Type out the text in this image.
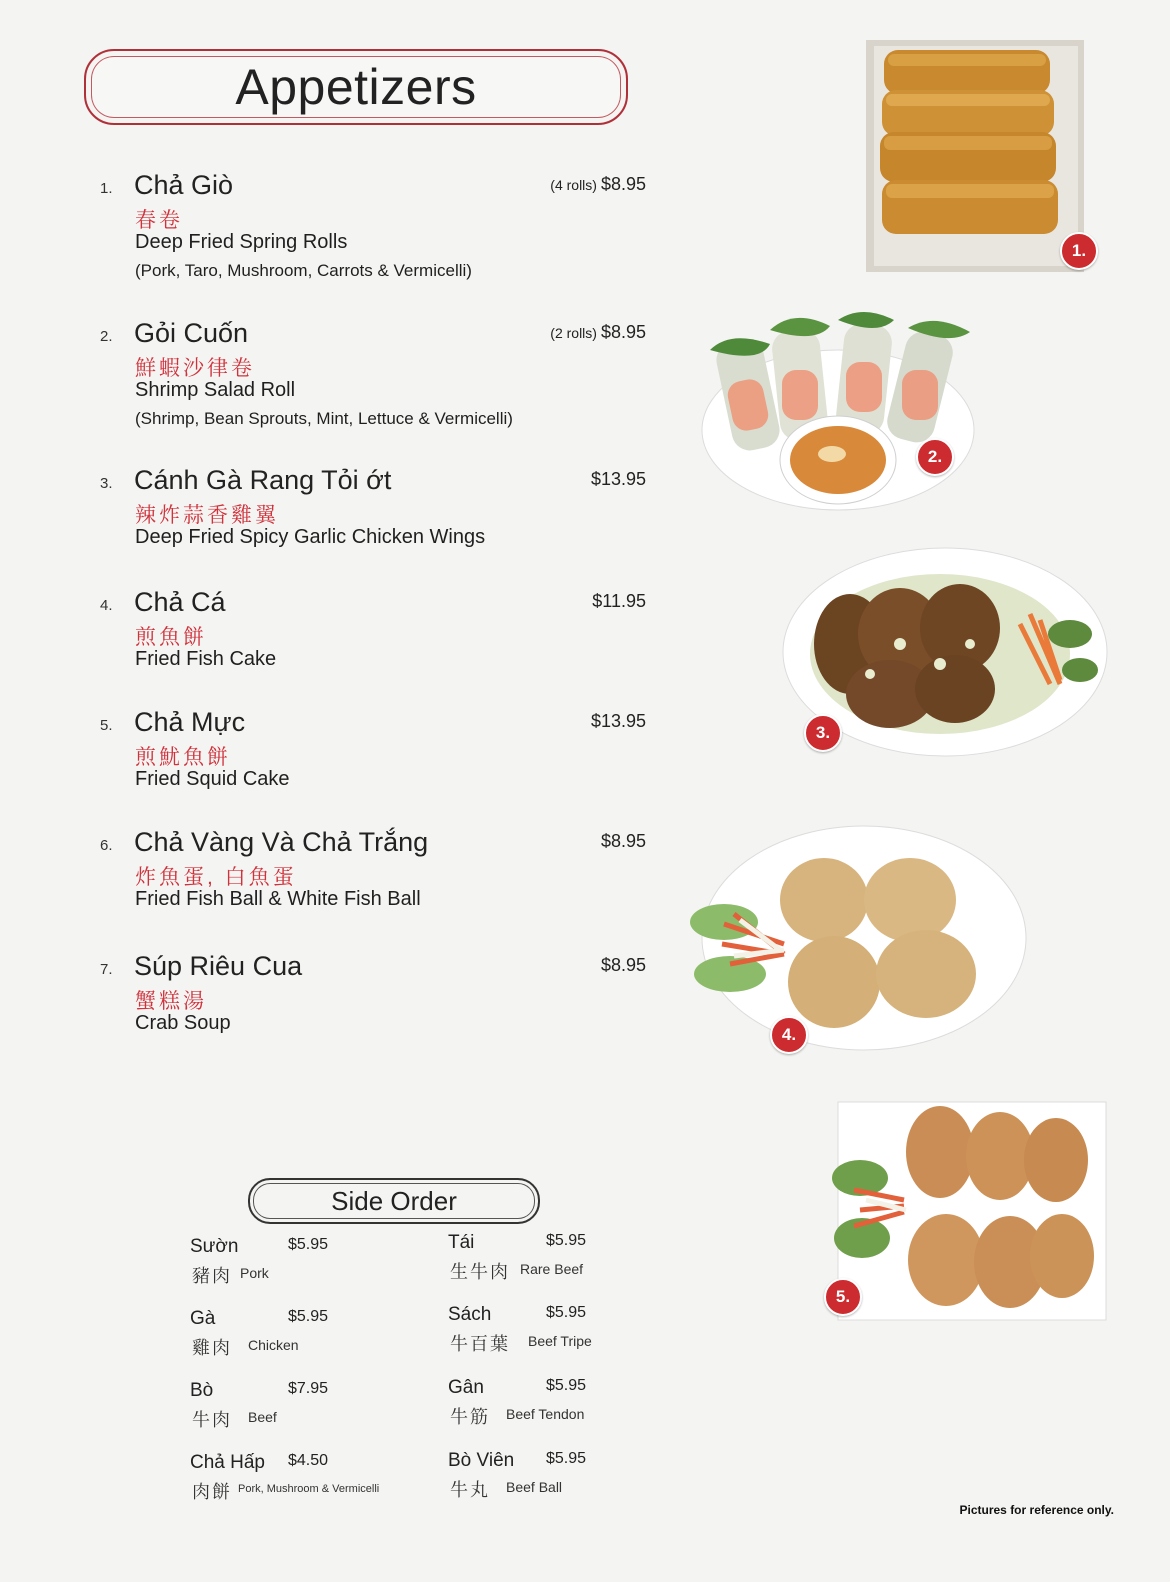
Appetizers
1. Chả Giò	(4 rolls) $8.95
春卷
Deep Fried Spring Rolls
(Pork, Taro, Mushroom, Carrots & Vermicelli)
2. Gỏi Cuốn	(2 rolls) $8.95
鮮蝦沙律卷
Shrimp Salad Roll
(Shrimp, Bean Sprouts, Mint, Lettuce & Vermicelli)
3. Cánh Gà Rang Tỏi ớt	$13.95
辣炸蒜香雞翼
Deep Fried Spicy Garlic Chicken Wings
4. Chả Cá	$11.95
煎魚餅
Fried Fish Cake
5. Chả Mực	$13.95
煎魷魚餅
Fried Squid Cake
6. Chả Vàng Và Chả Trắng	$8.95
炸魚蛋, 白魚蛋
Fried Fish Ball & White Fish Ball
7. Súp Riêu Cua	$8.95
蟹糕湯
Crab Soup
1.
2.
3.
4.
5.
Side Order
Sườn	$5.95
豬肉 Pork
Gà	$5.95
雞肉 Chicken
Bò	$7.95
牛肉 Beef
Chả Hấp $4.50
肉餅 Pork, Mushroom & Vermicelli
Tái	$5.95
生牛肉 Rare Beef
Sách	$5.95
牛百葉 Beef Tripe
Gân	$5.95
牛筋 Beef Tendon
Bò Viên $5.95
牛丸 Beef Ball
Pictures for reference only.
